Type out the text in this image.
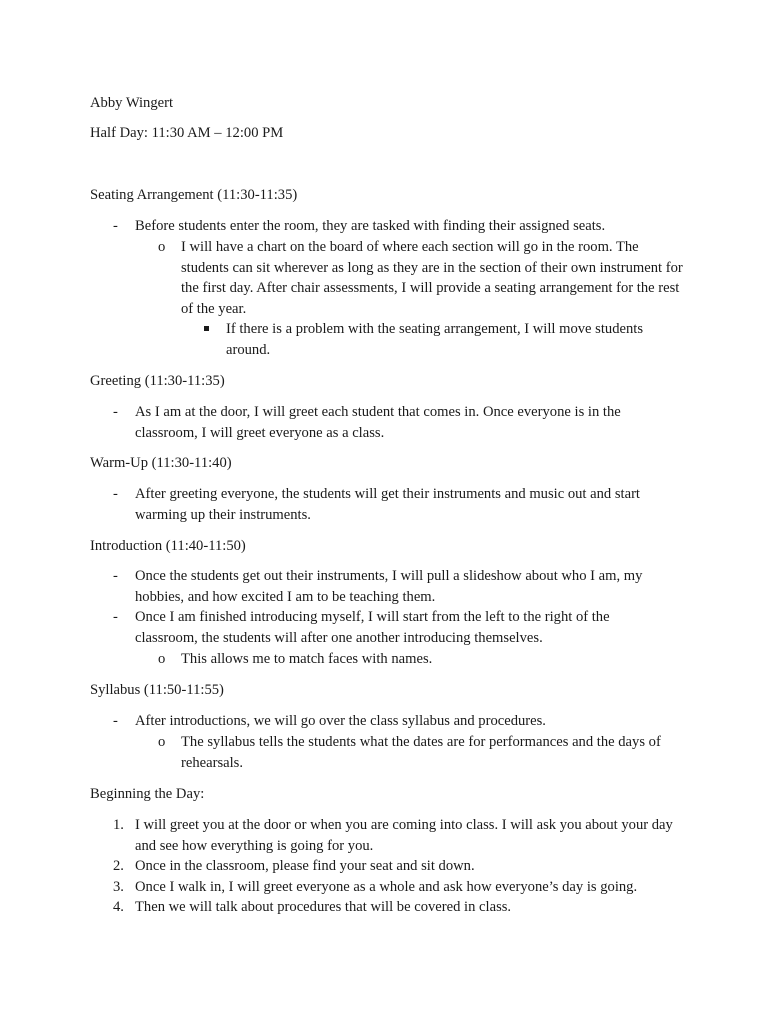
Abby Wingert
Half Day: 11:30 AM – 12:00 PM
Seating Arrangement (11:30-11:35)
- Before students enter the room, they are tasked with finding their assigned seats.
o I will have a chart on the board of where each section will go in the room. The students can sit wherever as long as they are in the section of their own instrument for the first day. After chair assessments, I will provide a seating arrangement for the rest of the year.
If there is a problem with the seating arrangement, I will move students around.
Greeting (11:30-11:35)
- As I am at the door, I will greet each student that comes in. Once everyone is in the classroom, I will greet everyone as a class.
Warm-Up (11:30-11:40)
- After greeting everyone, the students will get their instruments and music out and start warming up their instruments.
Introduction (11:40-11:50)
- Once the students get out their instruments, I will pull a slideshow about who I am, my hobbies, and how excited I am to be teaching them.
- Once I am finished introducing myself, I will start from the left to the right of the classroom, the students will after one another introducing themselves.
o This allows me to match faces with names.
Syllabus (11:50-11:55)
- After introductions, we will go over the class syllabus and procedures.
o The syllabus tells the students what the dates are for performances and the days of rehearsals.
Beginning the Day:
1. I will greet you at the door or when you are coming into class. I will ask you about your day and see how everything is going for you.
2. Once in the classroom, please find your seat and sit down.
3. Once I walk in, I will greet everyone as a whole and ask how everyone’s day is going.
4. Then we will talk about procedures that will be covered in class.
